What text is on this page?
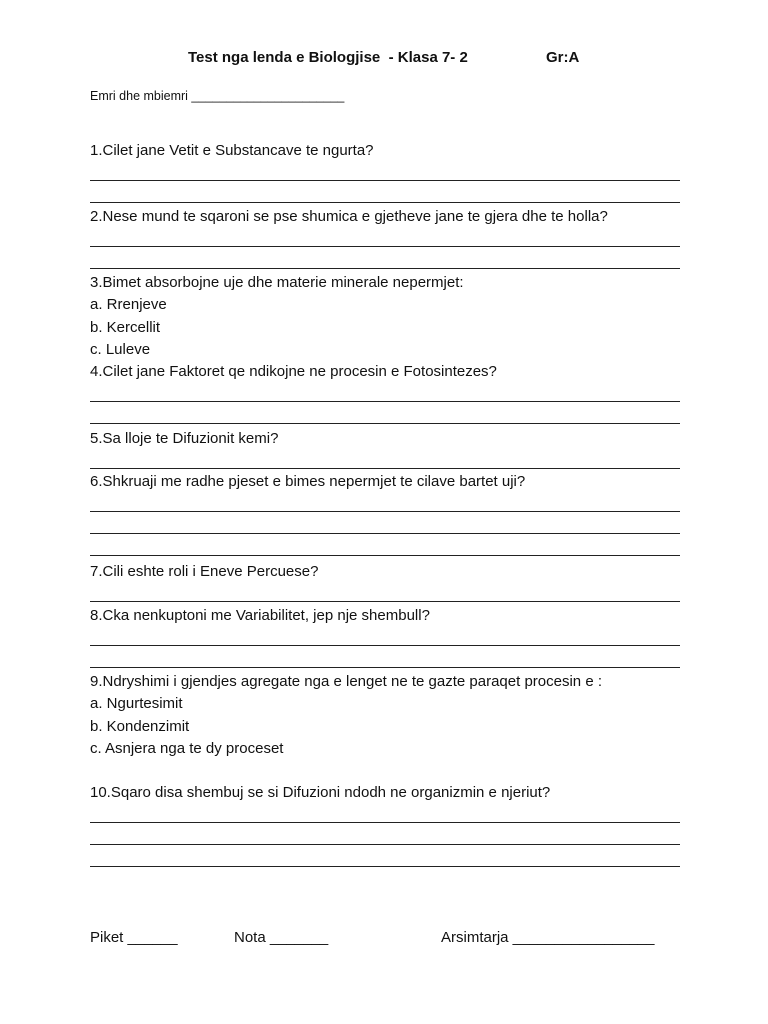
Test nga lenda e Biologjise  - Klasa 7- 2	Gr:A
Emri dhe mbiemri ______________________
1.Cilet jane Vetit e Substancave te ngurta?
2.Nese mund te sqaroni se pse shumica e gjetheve jane te gjera dhe te holla?
3.Bimet absorbojne uje dhe materie minerale nepermjet:
a. Rrenjeve
b. Kercellit
c. Luleve
4.Cilet jane Faktoret qe ndikojne ne procesin e Fotosintezes?
5.Sa lloje te Difuzionit kemi?
6.Shkruaji me radhe pjeset e bimes nepermjet te cilave bartet uji?
7.Cili eshte roli i Eneve Percuese?
8.Cka nenkuptoni me Variabilitet, jep nje shembull?
9.Ndryshimi i gjendjes agregate nga e lenget ne te gazte paraqet procesin e :
a. Ngurtesimit
b. Kondenzimit
c. Asnjera nga te dy proceset
10.Sqaro disa shembuj se si Difuzioni ndodh ne organizmin e njeriut?
Piket ______	Nota _______	Arsimtarja _________________
